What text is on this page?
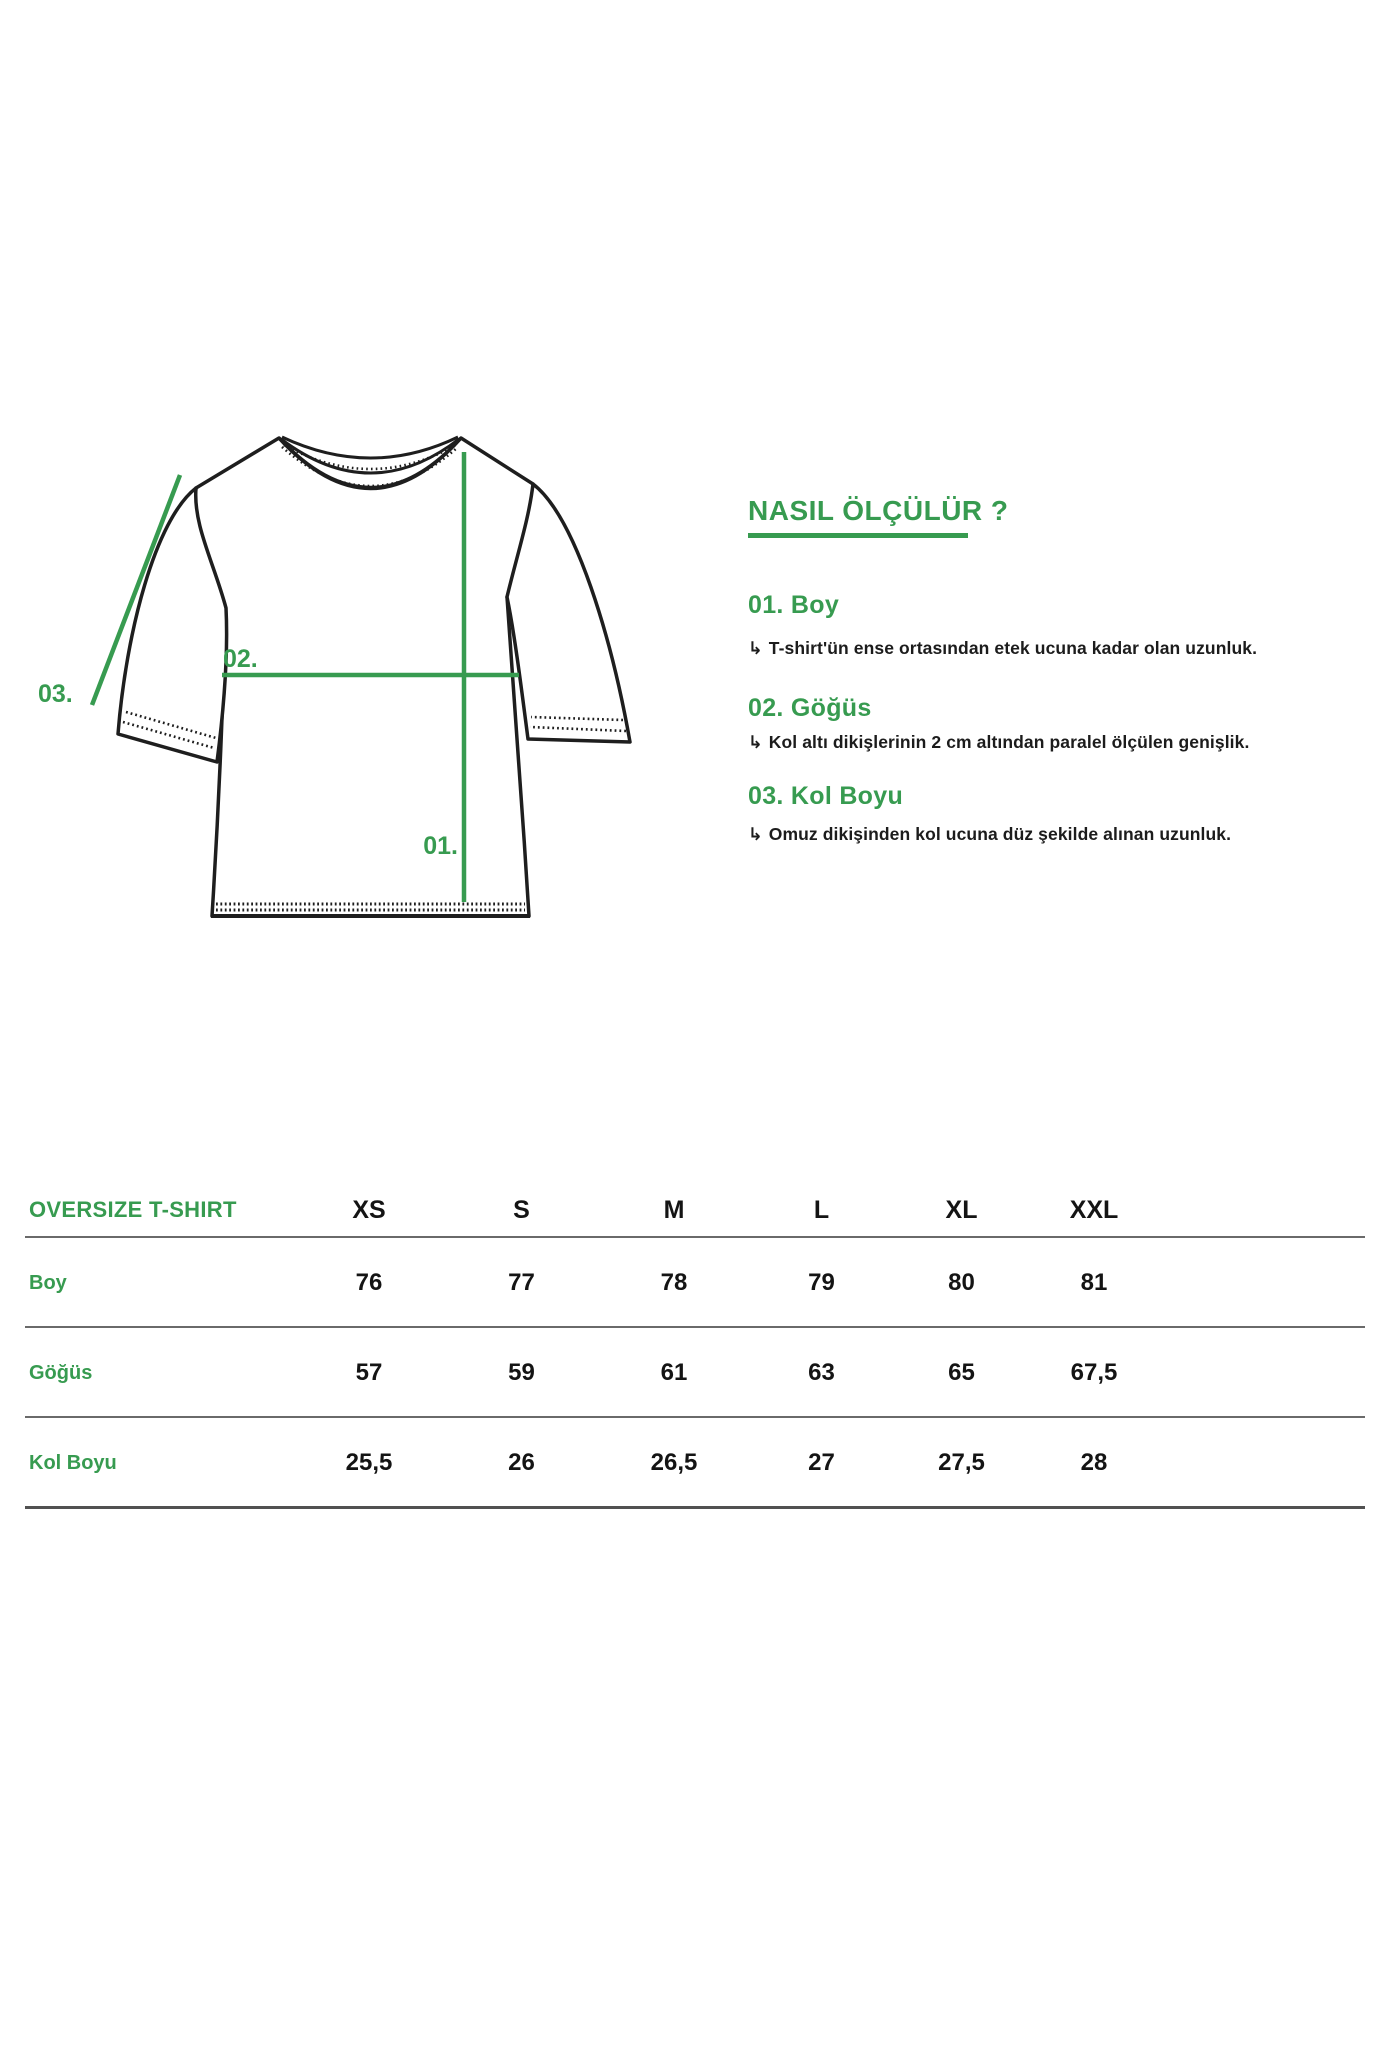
03.
02.
01.
NASIL ÖLÇÜLÜR ?
01. Boy
↳ T-shirt'ün ense ortasından etek ucuna kadar olan uzunluk.
02. Göğüs
↳ Kol altı dikişlerinin 2 cm altından paralel ölçülen genişlik.
03. Kol Boyu
↳ Omuz dikişinden kol ucuna düz şekilde alınan uzunluk.
OVERSIZE T-SHIRT	XS	S	M	L	XL	XXL
Boy	76	77	78	79	80	81
Göğüs	57	59	61	63	65	67,5
Kol Boyu	25,5	26	26,5	27	27,5	28
